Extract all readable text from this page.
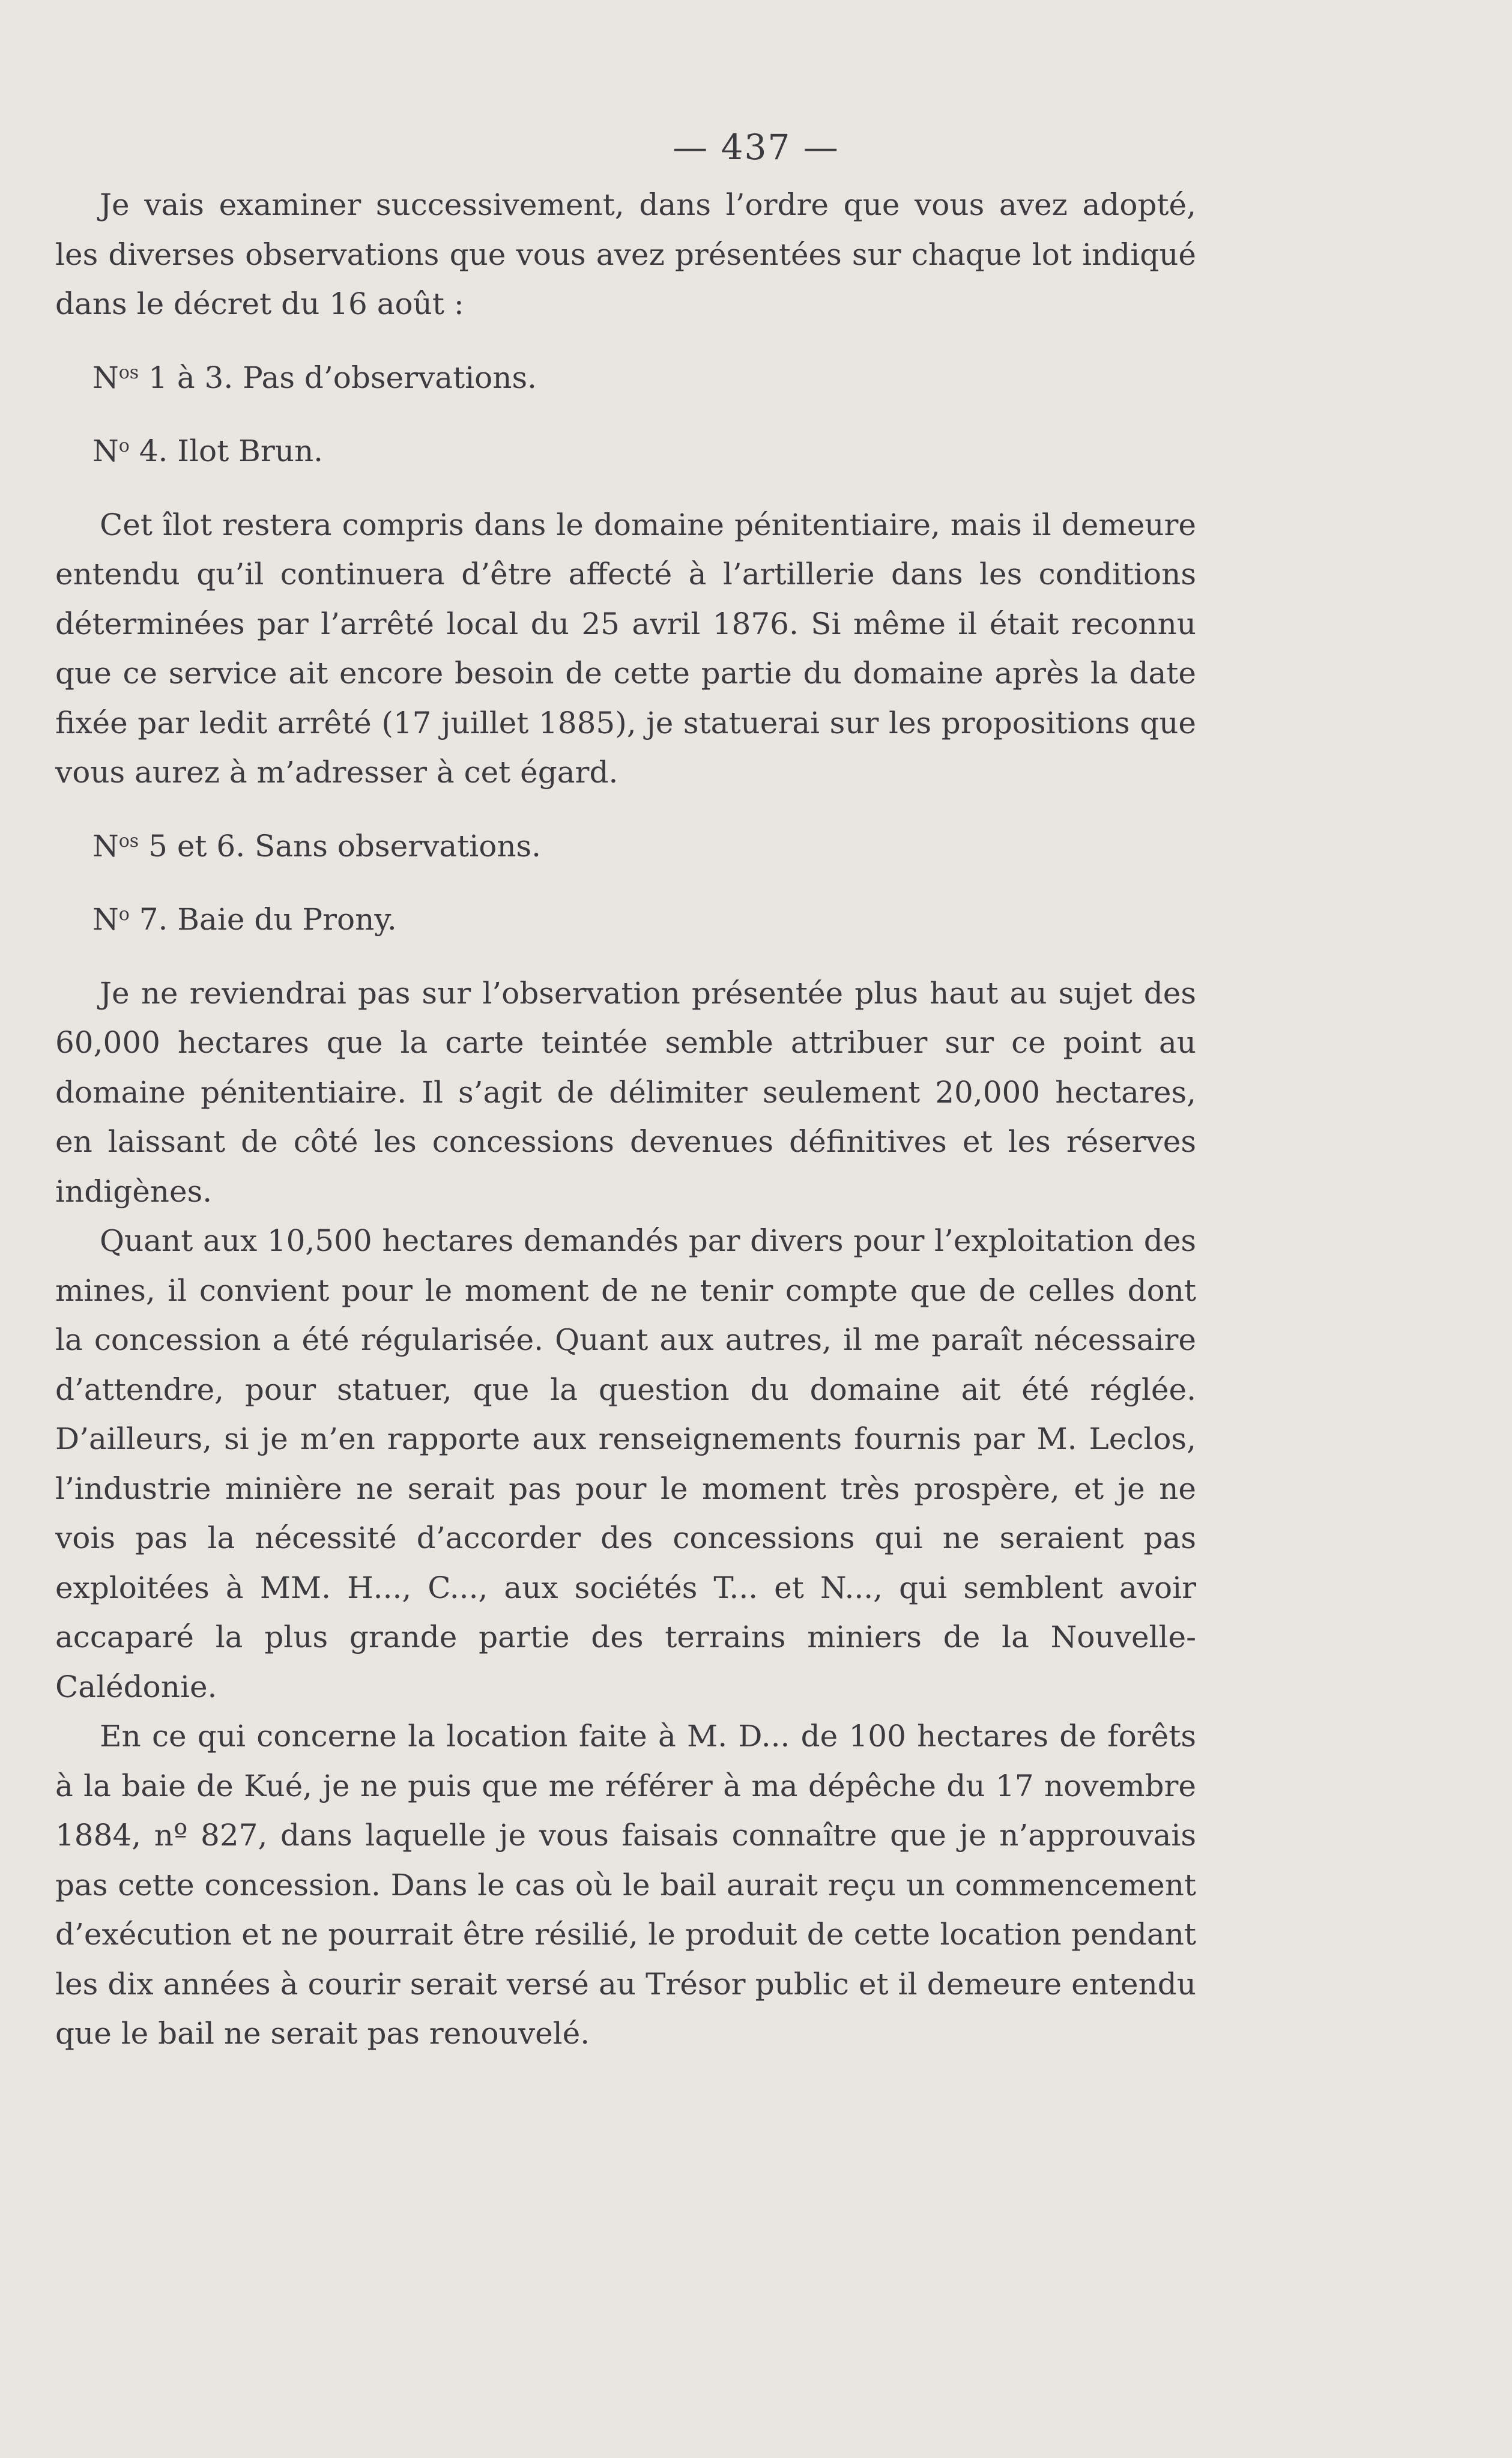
— 437 —

Je vais examiner successivement, dans l’ordre que vous avez adopté, les diverses observations que vous avez présentées sur chaque lot indiqué dans le décret du 16 août :

$N^{os}$ 1 à 3. Pas d’observations.

$N^o$ 4. Ilot Brun.

Cet îlot restera compris dans le domaine pénitentiaire, mais il demeure entendu qu’il continuera d’être affecté à l’artillerie dans les conditions déterminées par l’arrêté local du 25 avril 1876. Si même il était reconnu que ce service ait encore besoin de cette partie du domaine après la date fixée par ledit arrêté (17 juillet 1885), je statuerai sur les propositions que vous aurez à m’adresser à cet égard.

$N^{os}$ 5 et 6. Sans observations.

$N^o$ 7. Baie du Prony.

Je ne reviendrai pas sur l’observation présentée plus haut au sujet des 60,000 hectares que la carte teintée semble attribuer sur ce point au domaine pénitentiaire. Il s’agit de délimiter seulement 20,000 hectares, en laissant de côté les concessions devenues définitives et les réserves indigènes.

Quant aux 10,500 hectares demandés par divers pour l’exploitation des mines, il convient pour le moment de ne tenir compte que de celles dont la concession a été régularisée. Quant aux autres, il me paraît nécessaire d’attendre, pour statuer, que la question du domaine ait été réglée. D’ailleurs, si je m’en rapporte aux renseignements fournis par M. Leclos, l’industrie minière ne serait pas pour le moment très prospère, et je ne vois pas la nécessité d’accorder des concessions qui ne seraient pas exploitées à MM. H..., C..., aux sociétés T... et N..., qui semblent avoir accaparé la plus grande partie des terrains miniers de la Nouvelle-Calédonie.

En ce qui concerne la location faite à M. D... de 100 hectares de forêts à la baie de Kué, je ne puis que me référer à ma dépêche du 17 novembre 1884, nº 827, dans laquelle je vous faisais connaître que je n’approuvais pas cette concession. Dans le cas où le bail aurait reçu un commencement d’exécution et ne pourrait être résilié, le produit de cette location pendant les dix années à courir serait versé au Trésor public et il demeure entendu que le bail ne serait pas renouvelé.
